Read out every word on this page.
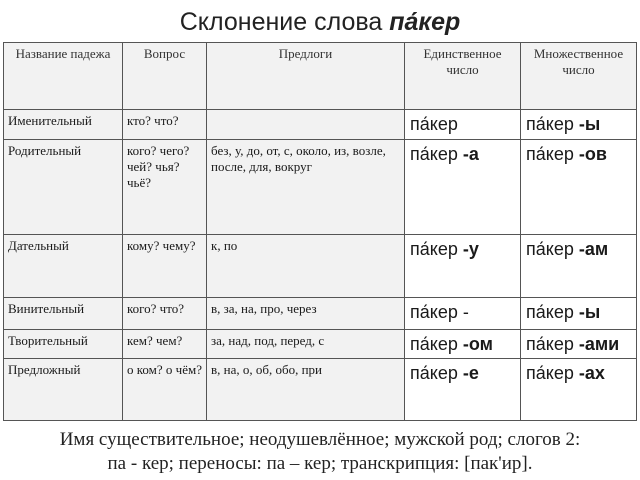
Склонение слова па́кер
Название падежа	Вопрос	Предлоги	Единственное число	Множественное число
Именительный	кто? что?		па́кер	па́кер -ы
Родительный	кого? чего? чей? чья? чьё?	без, у, до, от, с, около, из, возле, после, для, вокруг	па́кер -а	па́кер -ов
Дательный	кому? чему?	к, по	па́кер -у	па́кер -ам
Винительный	кого? что?	в, за, на, про, через	па́кер -	па́кер -ы
Творительный	кем? чем?	за, над, под, перед, с	па́кер -ом	па́кер -ами
Предложный	о ком? о чём?	в, на, о, об, обо, при	па́кер -е	па́кер -ах
Имя существительное; неодушевлённое; мужской род; слогов 2:
па - кер; переносы: па – кер; транскрипция: [пак'ир].
